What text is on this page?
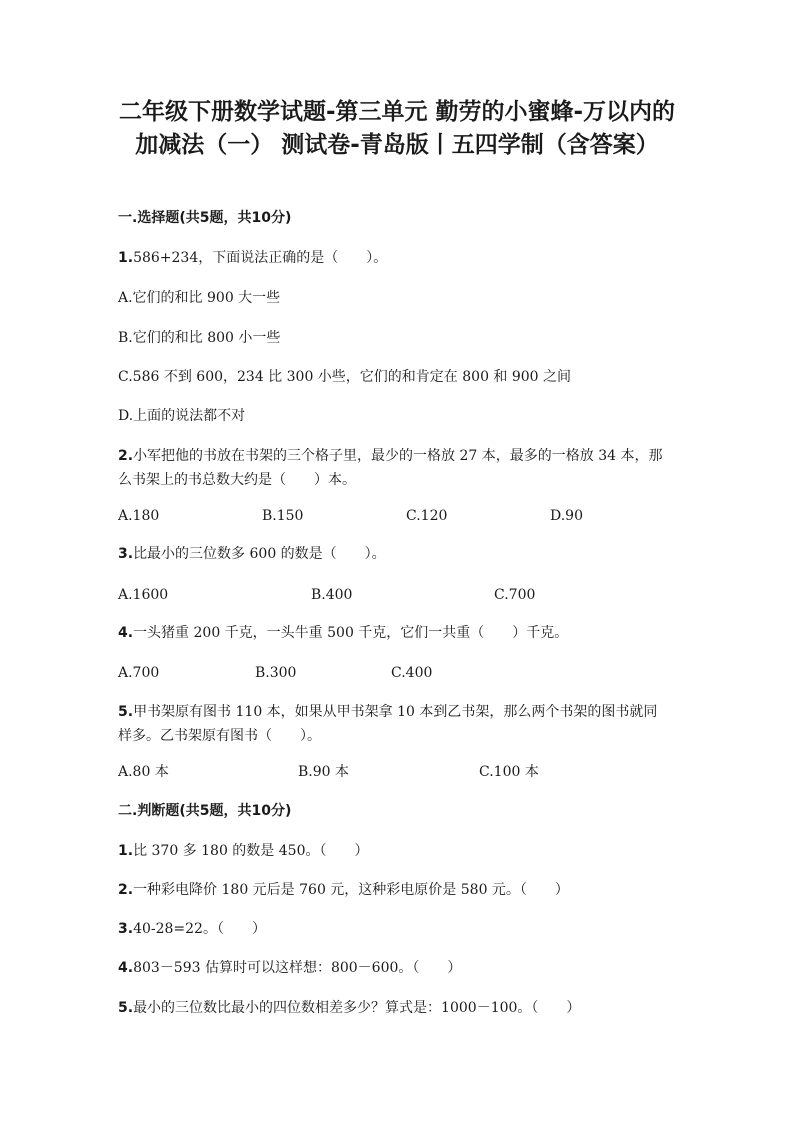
二年级下册数学试题-第三单元 勤劳的小蜜蜂-万以内的加减法（一） 测试卷-青岛版丨五四学制（含答案）
一.选择题(共5题，共10分)
1.586+234，下面说法正确的是（　　）。
A.它们的和比 900 大一些
B.它们的和比 800 小一些
C.586 不到 600，234 比 300 小些，它们的和肯定在 800 和 900 之间
D.上面的说法都不对
2.小军把他的书放在书架的三个格子里，最少的一格放 27 本，最多的一格放 34 本，那么书架上的书总数大约是（　　）本。
A.180	B.150	C.120	D.90
3.比最小的三位数多 600 的数是（　　）。
A.1600	B.400	C.700
4.一头猪重 200 千克，一头牛重 500 千克，它们一共重（　　）千克。
A.700	B.300	C.400
5.甲书架原有图书 110 本，如果从甲书架拿 10 本到乙书架，那么两个书架的图书就同样多。乙书架原有图书（　　）。
A.80 本	B.90 本	C.100 本
二.判断题(共5题，共10分)
1.比 370 多 180 的数是 450。（　　）
2.一种彩电降价 180 元后是 760 元，这种彩电原价是 580 元。（　　）
3.40-28=22。（　　）
4.803－593 估算时可以这样想：800－600。（　　）
5.最小的三位数比最小的四位数相差多少？算式是：1000－100。（　　）
